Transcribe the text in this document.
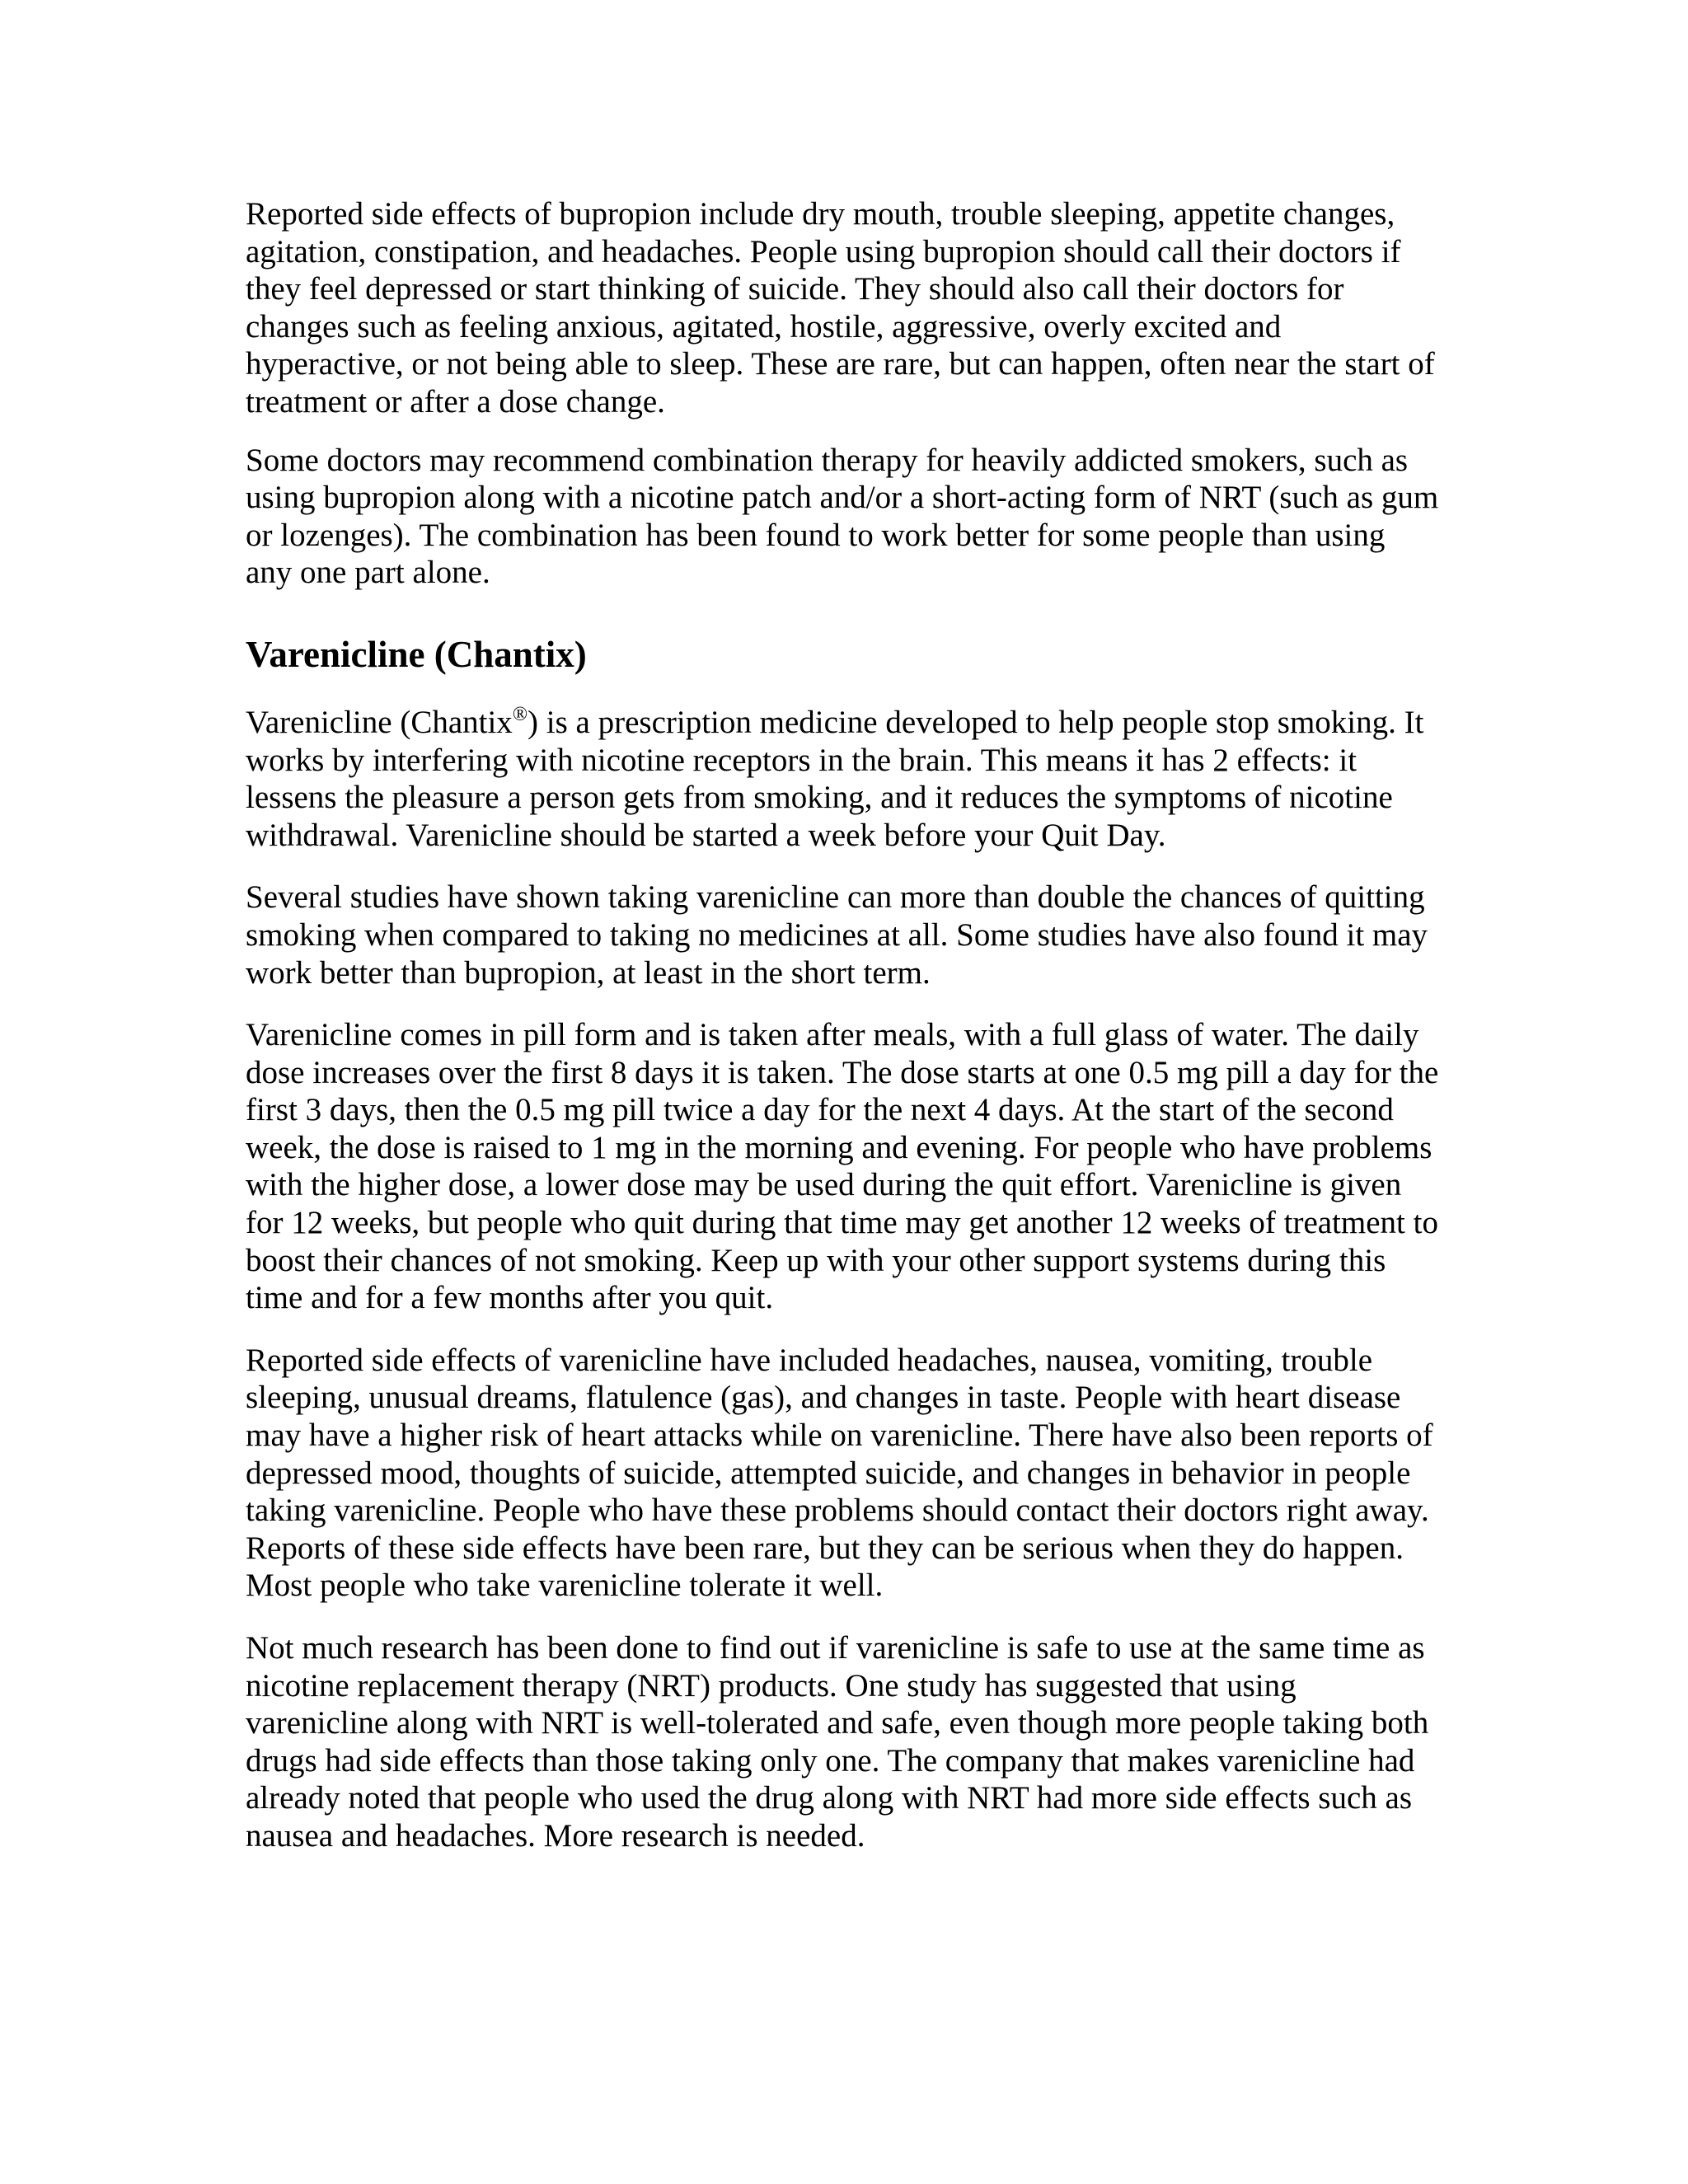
Reported side effects of bupropion include dry mouth, trouble sleeping, appetite changes, agitation, constipation, and headaches. People using bupropion should call their doctors if they feel depressed or start thinking of suicide. They should also call their doctors for changes such as feeling anxious, agitated, hostile, aggressive, overly excited and hyperactive, or not being able to sleep. These are rare, but can happen, often near the start of treatment or after a dose change.

Some doctors may recommend combination therapy for heavily addicted smokers, such as using bupropion along with a nicotine patch and/or a short-acting form of NRT (such as gum or lozenges). The combination has been found to work better for some people than using any one part alone.

Varenicline (Chantix)

Varenicline (Chantix®) is a prescription medicine developed to help people stop smoking. It works by interfering with nicotine receptors in the brain. This means it has 2 effects: it lessens the pleasure a person gets from smoking, and it reduces the symptoms of nicotine withdrawal. Varenicline should be started a week before your Quit Day.

Several studies have shown taking varenicline can more than double the chances of quitting smoking when compared to taking no medicines at all. Some studies have also found it may work better than bupropion, at least in the short term.

Varenicline comes in pill form and is taken after meals, with a full glass of water. The daily dose increases over the first 8 days it is taken. The dose starts at one 0.5 mg pill a day for the first 3 days, then the 0.5 mg pill twice a day for the next 4 days. At the start of the second week, the dose is raised to 1 mg in the morning and evening. For people who have problems with the higher dose, a lower dose may be used during the quit effort. Varenicline is given for 12 weeks, but people who quit during that time may get another 12 weeks of treatment to boost their chances of not smoking. Keep up with your other support systems during this time and for a few months after you quit.

Reported side effects of varenicline have included headaches, nausea, vomiting, trouble sleeping, unusual dreams, flatulence (gas), and changes in taste. People with heart disease may have a higher risk of heart attacks while on varenicline. There have also been reports of depressed mood, thoughts of suicide, attempted suicide, and changes in behavior in people taking varenicline. People who have these problems should contact their doctors right away. Reports of these side effects have been rare, but they can be serious when they do happen. Most people who take varenicline tolerate it well.

Not much research has been done to find out if varenicline is safe to use at the same time as nicotine replacement therapy (NRT) products. One study has suggested that using varenicline along with NRT is well-tolerated and safe, even though more people taking both drugs had side effects than those taking only one. The company that makes varenicline had already noted that people who used the drug along with NRT had more side effects such as nausea and headaches. More research is needed.
